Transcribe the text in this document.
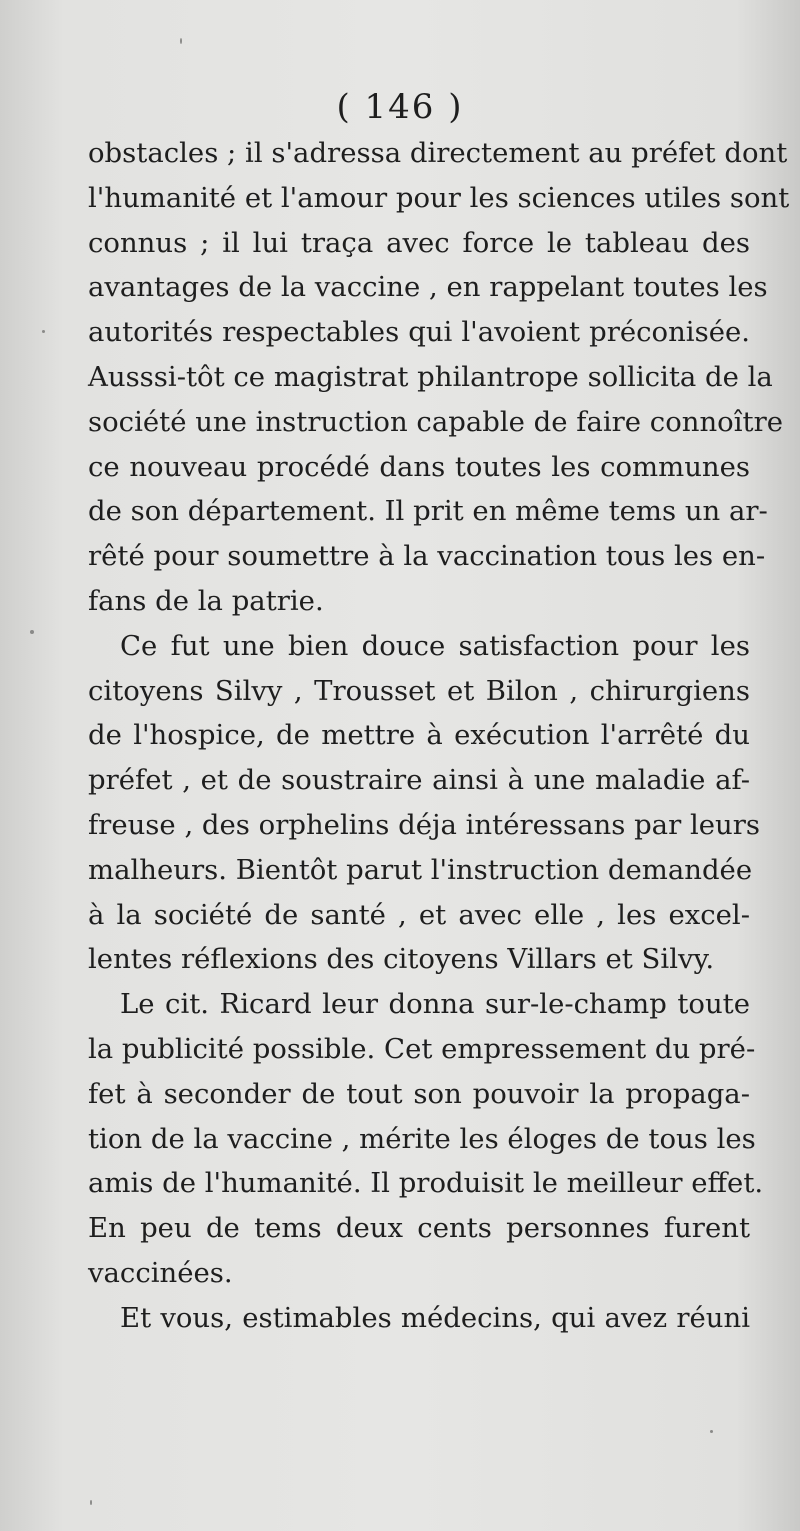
( 146 )
obstacles ; il s'adressa directement au préfet dont
l'humanité et l'amour pour les sciences utiles sont
connus ; il lui traça avec force le tableau des
avantages de la vaccine , en rappelant toutes les
autorités respectables qui l'avoient préconisée.
Ausssi-tôt ce magistrat philantrope sollicita de la
société une instruction capable de faire connoître
ce nouveau procédé dans toutes les communes
de son département. Il prit en même tems un ar-
rêté pour soumettre à la vaccination tous les en-
fans de la patrie.
Ce fut une bien douce satisfaction pour les
citoyens Silvy , Trousset et Bilon , chirurgiens
de l'hospice, de mettre à exécution l'arrêté du
préfet , et de soustraire ainsi à une maladie af-
freuse , des orphelins déja intéressans par leurs
malheurs. Bientôt parut l'instruction demandée
à la société de santé , et avec elle , les excel-
lentes réflexions des citoyens Villars et Silvy.
Le cit. Ricard leur donna sur-le-champ toute
la publicité possible. Cet empressement du pré-
fet à seconder de tout son pouvoir la propaga-
tion de la vaccine , mérite les éloges de tous les
amis de l'humanité. Il produisit le meilleur effet.
En peu de tems deux cents personnes furent
vaccinées.
Et vous, estimables médecins, qui avez réuni
